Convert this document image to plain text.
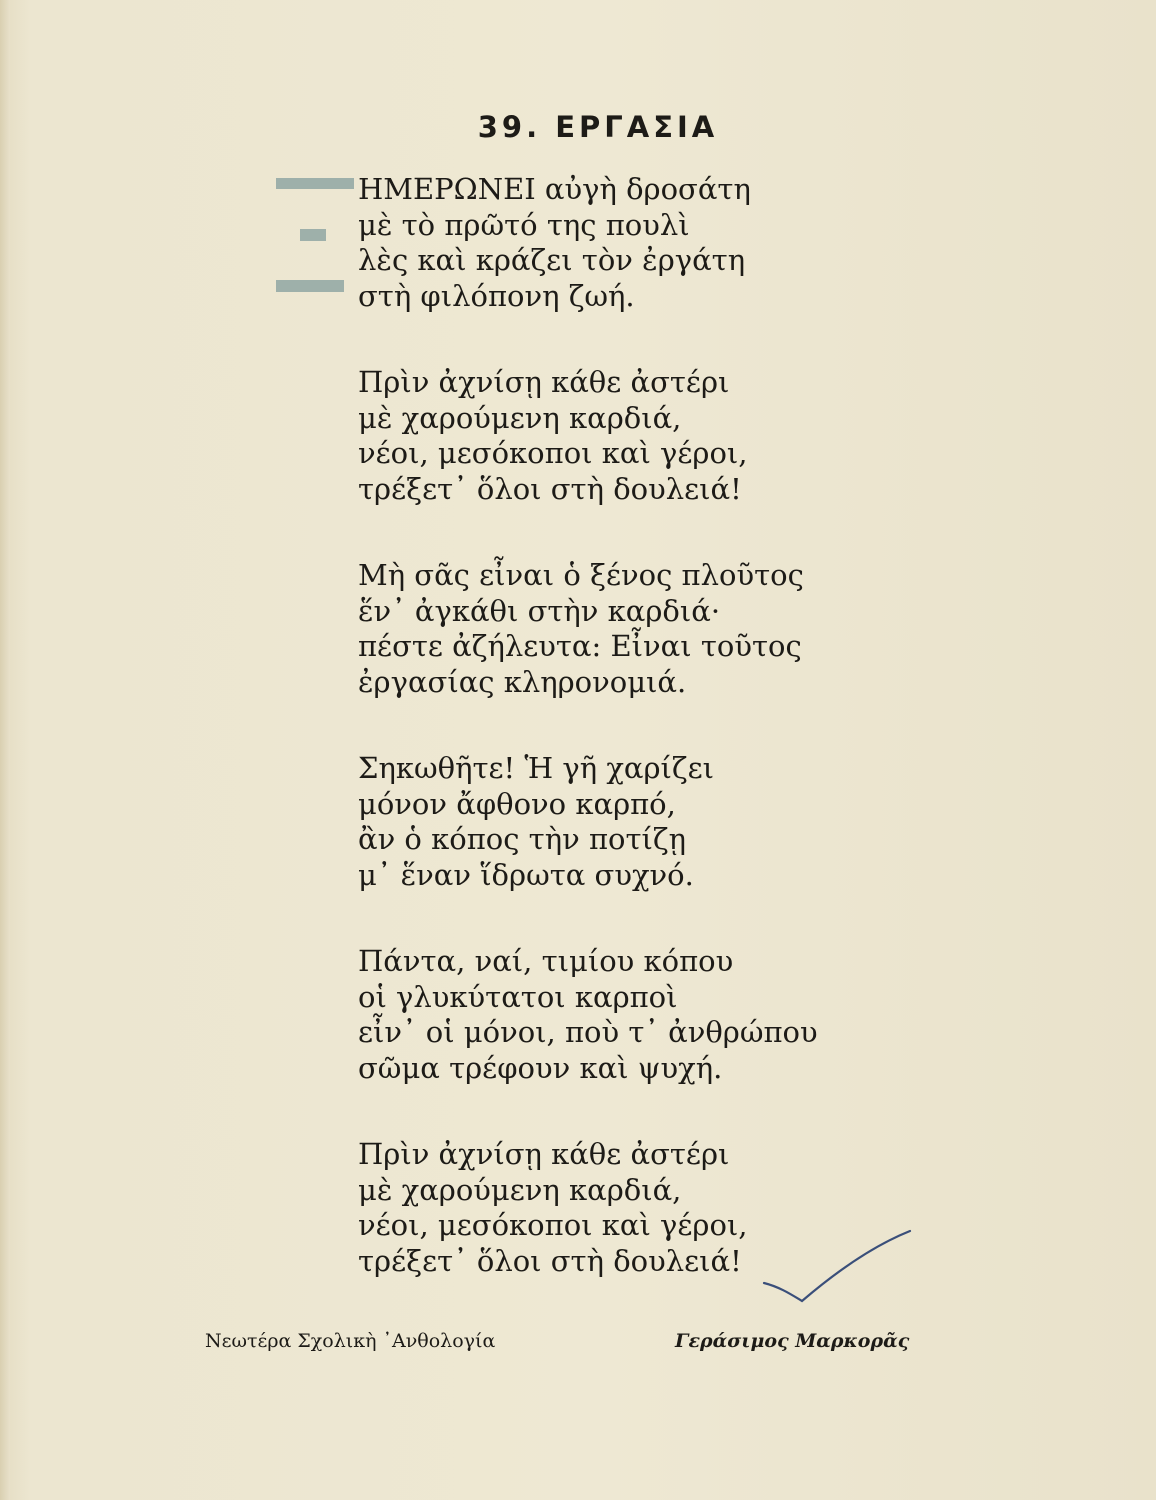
39. ΕΡΓΑΣΙΑ
ΗΜΕΡΩΝΕΙ αὐγὴ δροσάτη
μὲ τὸ πρῶτό της πουλὶ
λὲς καὶ κράζει τὸν ἐργάτη
στὴ φιλόπονη ζωή.
Πρὶν ἀχνίσῃ κάθε ἀστέρι
μὲ χαρούμενη καρδιά,
νέοι, μεσόκοποι καὶ γέροι,
τρέξετ᾿ ὅλοι στὴ δουλειά!
Μὴ σᾶς εἶναι ὁ ξένος πλοῦτος
ἕν᾿ ἀγκάθι στὴν καρδιά·
πέστε ἀζήλευτα: Εἶναι τοῦτος
ἐργασίας κληρονομιά.
Σηκωθῆτε! Ἡ γῆ χαρίζει
μόνον ἄφθονο καρπό,
ἂν ὁ κόπος τὴν ποτίζῃ
μ᾿ ἕναν ἵδρωτα συχνό.
Πάντα, ναί, τιμίου κόπου
οἱ γλυκύτατοι καρποὶ
εἶν᾿ οἱ μόνοι, ποὺ τ᾿ ἀνθρώπου
σῶμα τρέφουν καὶ ψυχή.
Πρὶν ἀχνίσῃ κάθε ἀστέρι
μὲ χαρούμενη καρδιά,
νέοι, μεσόκοποι καὶ γέροι,
τρέξετ᾿ ὅλοι στὴ δουλειά!
Νεωτέρα Σχολικὴ ᾿Ανθολογία	Γεράσιμος Μαρκορᾶς
